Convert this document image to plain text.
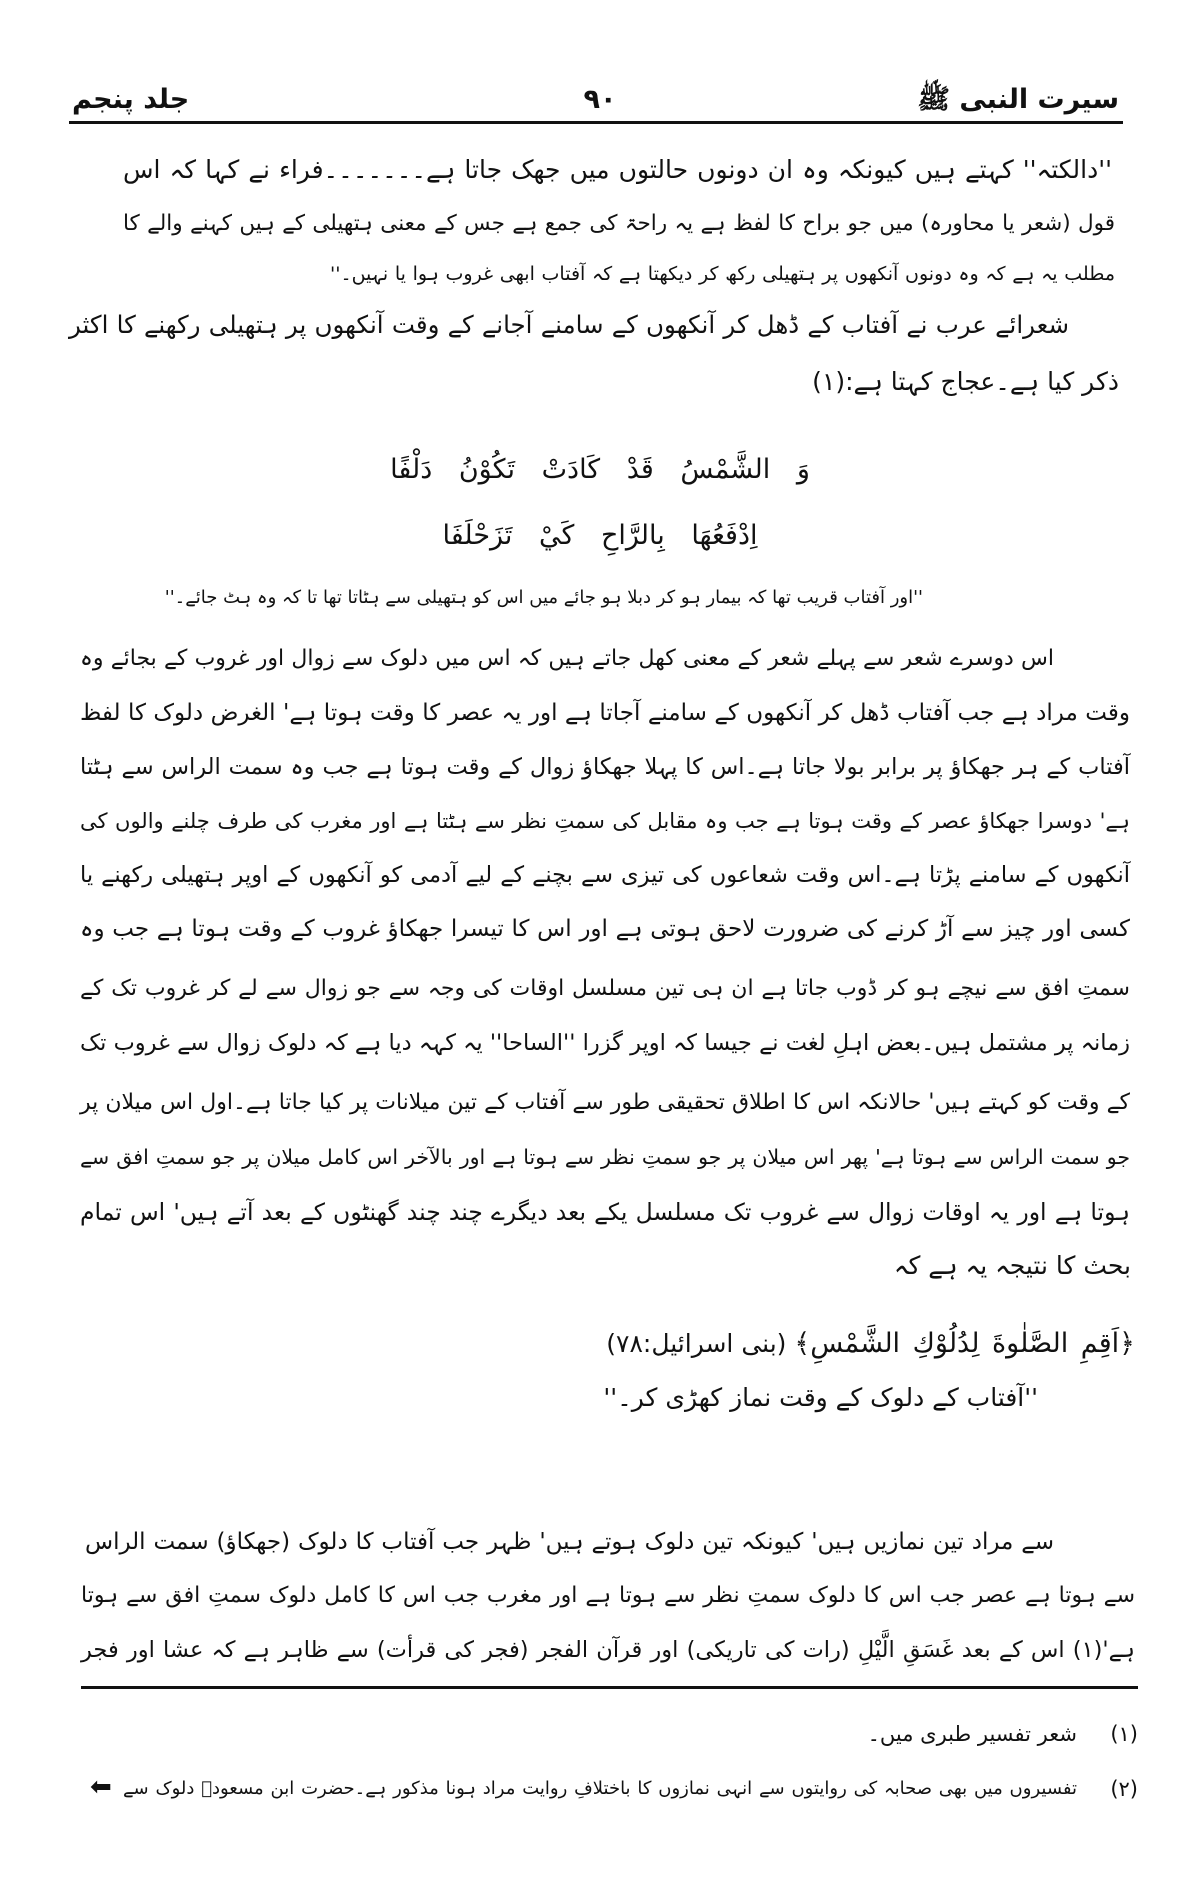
سیرت النبی ﷺ
۹۰
جلد پنجم
''دالکتہ'' کہتے ہیں کیونکہ وہ ان دونوں حالتوں میں جھک جاتا ہے۔۔۔۔۔۔۔فراء نے کہا کہ اس
قول (شعر یا محاورہ) میں جو براح کا لفظ ہے یہ راحۃ کی جمع ہے جس کے معنی ہتھیلی کے ہیں کہنے والے کا
مطلب یہ ہے کہ وہ دونوں آنکھوں پر ہتھیلی رکھ کر دیکھتا ہے کہ آفتاب ابھی غروب ہوا یا نہیں۔''
شعرائے عرب نے آفتاب کے ڈھل کر آنکھوں کے سامنے آجانے کے وقت آنکھوں پر ہتھیلی رکھنے کا اکثر
ذکر کیا ہے۔عجاج کہتا ہے:(۱)
وَ الشَّمْسُ قَدْ كَادَتْ تَكُوْنُ دَلْفًا
اِدْفَعُهَا بِالرَّاحِ كَيْ تَزَحْلَفَا
''اور آفتاب قریب تھا کہ بیمار ہو کر دبلا ہو جائے میں اس کو ہتھیلی سے ہٹاتا تھا تا کہ وہ ہٹ جائے۔''
اس دوسرے شعر سے پہلے شعر کے معنی کھل جاتے ہیں کہ اس میں دلوک سے زوال اور غروب کے بجائے وہ
وقت مراد ہے جب آفتاب ڈھل کر آنکھوں کے سامنے آجاتا ہے اور یہ عصر کا وقت ہوتا ہے' الغرض دلوک کا لفظ
آفتاب کے ہر جھکاؤ پر برابر بولا جاتا ہے۔اس کا پہلا جھکاؤ زوال کے وقت ہوتا ہے جب وہ سمت الراس سے ہٹتا
ہے' دوسرا جھکاؤ عصر کے وقت ہوتا ہے جب وہ مقابل کی سمتِ نظر سے ہٹتا ہے اور مغرب کی طرف چلنے والوں کی
آنکھوں کے سامنے پڑتا ہے۔اس وقت شعاعوں کی تیزی سے بچنے کے لیے آدمی کو آنکھوں کے اوپر ہتھیلی رکھنے یا
کسی اور چیز سے آڑ کرنے کی ضرورت لاحق ہوتی ہے اور اس کا تیسرا جھکاؤ غروب کے وقت ہوتا ہے جب وہ
سمتِ افق سے نیچے ہو کر ڈوب جاتا ہے ان ہی تین مسلسل اوقات کی وجہ سے جو زوال سے لے کر غروب تک کے
زمانہ پر مشتمل ہیں۔بعض اہلِ لغت نے جیسا کہ اوپر گزرا ''الساحا'' یہ کہہ دیا ہے کہ دلوک زوال سے غروب تک
کے وقت کو کہتے ہیں' حالانکہ اس کا اطلاق تحقیقی طور سے آفتاب کے تین میلانات پر کیا جاتا ہے۔اول اس میلان پر
جو سمت الراس سے ہوتا ہے' پھر اس میلان پر جو سمتِ نظر سے ہوتا ہے اور بالآخر اس کامل میلان پر جو سمتِ افق سے
ہوتا ہے اور یہ اوقات زوال سے غروب تک مسلسل یکے بعد دیگرے چند چند گھنٹوں کے بعد آتے ہیں' اس تمام
بحث کا نتیجہ یہ ہے کہ
﴿اَقِمِ الصَّلٰوةَ لِدُلُوْكِ الشَّمْسِ﴾ (بنی اسرائیل:۷۸)
''آفتاب کے دلوک کے وقت نماز کھڑی کر۔''
سے مراد تین نمازیں ہیں' کیونکہ تین دلوک ہوتے ہیں' ظہر جب آفتاب کا دلوک (جھکاؤ) سمت الراس
سے ہوتا ہے عصر جب اس کا دلوک سمتِ نظر سے ہوتا ہے اور مغرب جب اس کا کامل دلوک سمتِ افق سے ہوتا
ہے'(۱) اس کے بعد غَسَقِ الَّيْلِ (رات کی تاریکی) اور قرآن الفجر (فجر کی قرأت) سے ظاہر ہے کہ عشا اور فجر
(۱)
شعر تفسیر طبری میں۔
(۲)
تفسیروں میں بھی صحابہ کی روایتوں سے انہی نمازوں کا باختلافِ روایت مراد ہونا مذکور ہے۔حضرت ابن مسعودؓ دلوک سے
⬅
